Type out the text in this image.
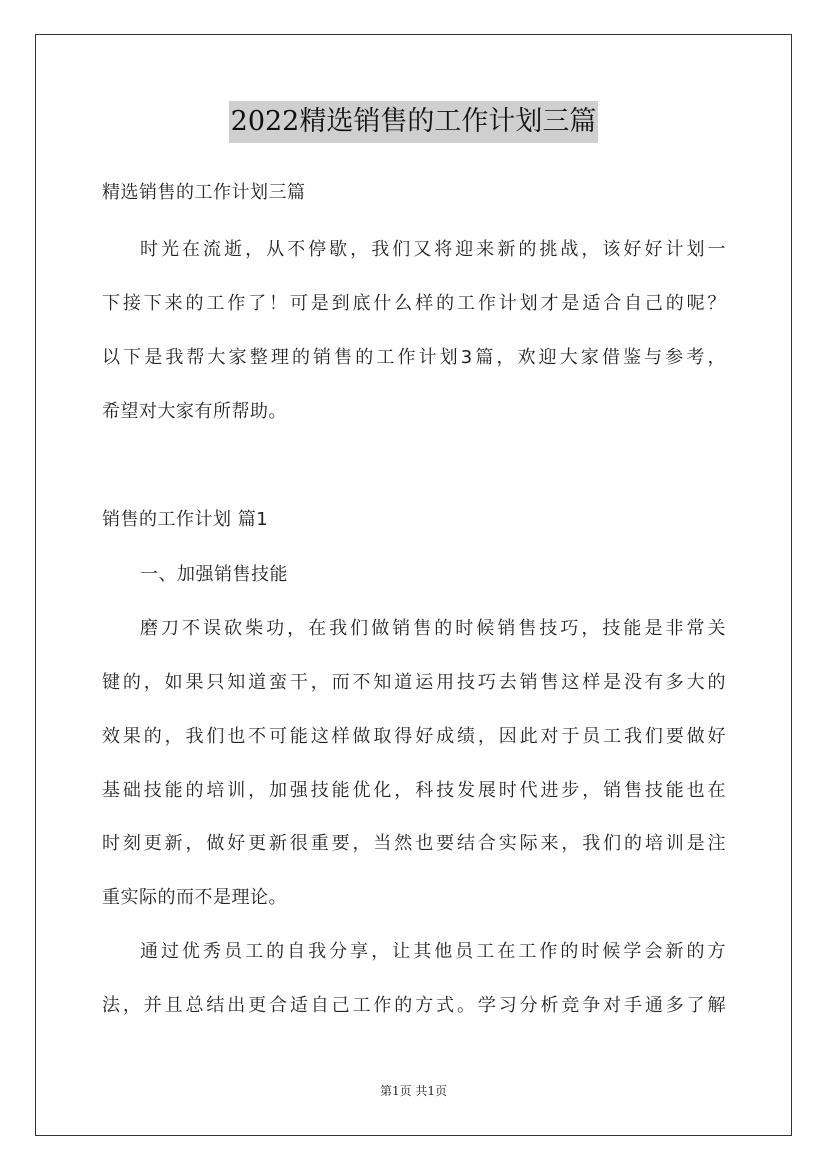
2022精选销售的工作计划三篇
精选销售的工作计划三篇
时光在流逝，从不停歇，我们又将迎来新的挑战，该好好计划一
下接下来的工作了！可是到底什么样的工作计划才是适合自己的呢？
以下是我帮大家整理的销售的工作计划3篇，欢迎大家借鉴与参考，
希望对大家有所帮助。
销售的工作计划 篇1
一、加强销售技能
磨刀不误砍柴功，在我们做销售的时候销售技巧，技能是非常关
键的，如果只知道蛮干，而不知道运用技巧去销售这样是没有多大的
效果的，我们也不可能这样做取得好成绩，因此对于员工我们要做好
基础技能的培训，加强技能优化，科技发展时代进步，销售技能也在
时刻更新，做好更新很重要，当然也要结合实际来，我们的培训是注
重实际的而不是理论。
通过优秀员工的自我分享，让其他员工在工作的时候学会新的方
法，并且总结出更合适自己工作的方式。学习分析竞争对手通多了解
第1页 共1页
